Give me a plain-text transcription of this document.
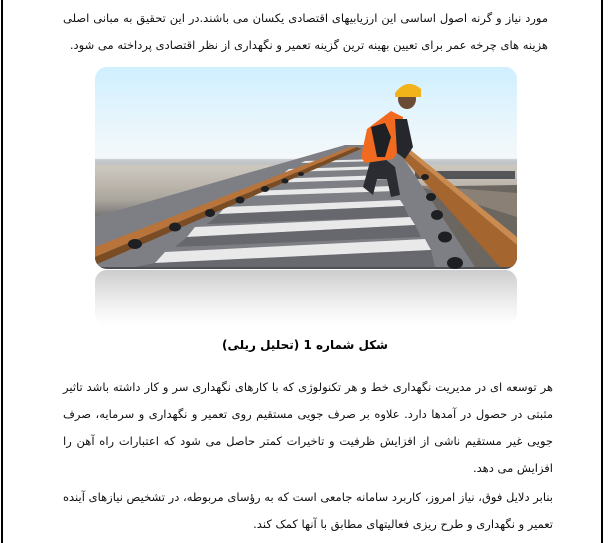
مورد نیاز و گرنه اصول اساسی این ارزیابیهای اقتصادی یکسان می باشند.در این تحقیق به مبانی اصلی هزینه های چرخه عمر برای تعیین بهینه ترین گزینه تعمیر و نگهداری از نظر اقتصادی پرداخته می شود.

شکل شماره 1 (تحلیل ریلی)

هر توسعه ای در مدیریت نگهداری خط و هر تکنولوژی که با کارهای نگهداری سر و کار داشته باشد تاثیر مثبتی در حصول در آمدها دارد. علاوه بر صرف جویی مستقیم روی تعمیر و نگهداری و سرمایه، صرف جویی غیر مستقیم ناشی از افزایش ظرفیت و تاخیرات کمتر حاصل می شود که اعتبارات راه آهن را افزایش می دهد.

بنابر دلایل فوق، نیاز امروز، کاربرد سامانه جامعی است که به رؤسای مربوطه، در تشخیص نیازهای آینده تعمیر و نگهداری و طرح ریزی فعالیتهای مطابق با آنها کمک کند.
